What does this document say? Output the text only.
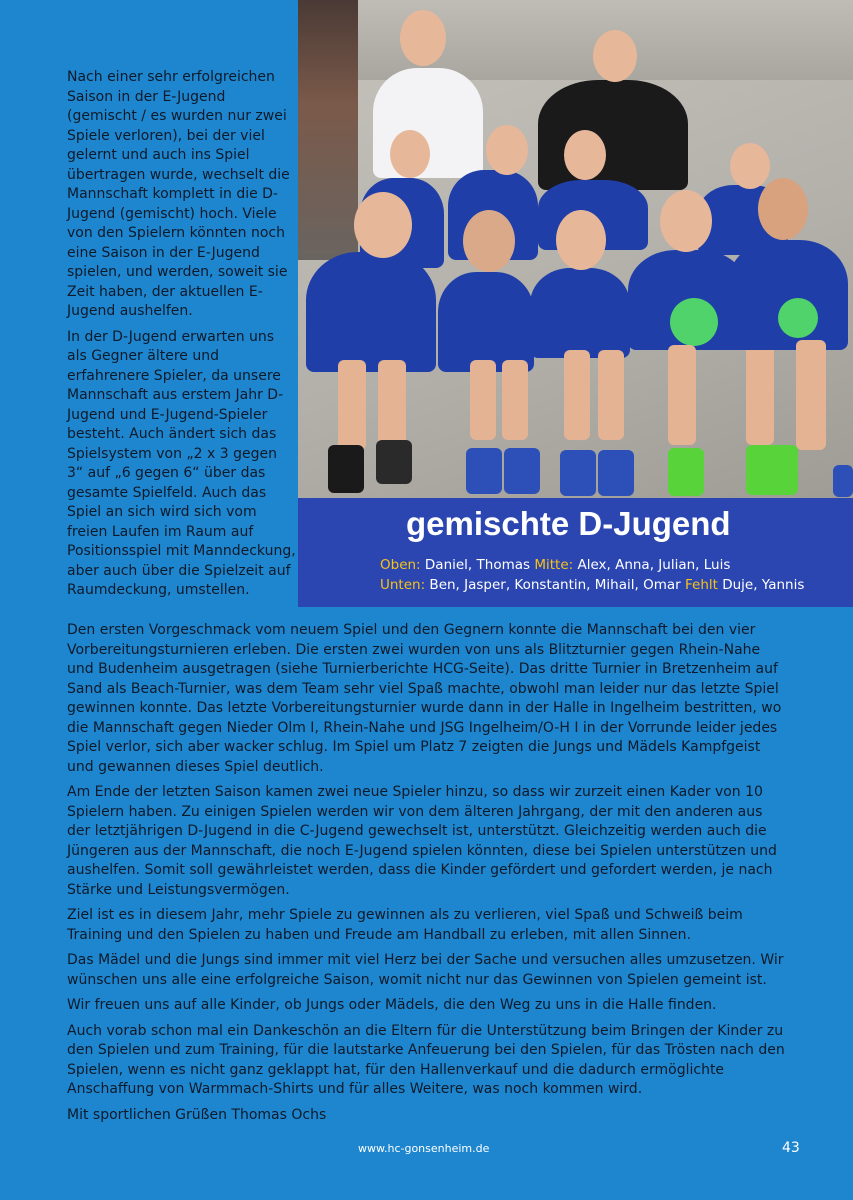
Nach einer sehr erfolgreichen Saison in der E-Jugend (gemischt / es wurden nur zwei Spiele verloren), bei der viel gelernt und auch ins Spiel übertragen wurde, wechselt die Mannschaft komplett in die D-Jugend (gemischt) hoch. Viele von den Spielern könnten noch eine Saison in der E-Jugend spielen, und werden, soweit sie Zeit haben, der aktuellen E-Jugend aushelfen.

In der D-Jugend erwarten uns als Gegner ältere und erfahrenere Spieler, da unsere Mannschaft aus erstem Jahr D-Jugend und E-Jugend-Spieler besteht. Auch ändert sich das Spielsystem von „2 x 3 gegen 3“ auf „6 gegen 6“ über das gesamte Spielfeld. Auch das Spiel an sich wird sich vom freien Laufen im Raum auf Positionsspiel mit Manndeckung, aber auch über die Spielzeit auf Raumdeckung, umstellen.

gemischte D-Jugend
Oben: Daniel, Thomas Mitte: Alex, Anna, Julian, Luis
Unten: Ben, Jasper, Konstantin, Mihail, Omar Fehlt Duje, Yannis

Den ersten Vorgeschmack vom neuem Spiel und den Gegnern konnte die Mannschaft bei den vier Vorbereitungsturnieren erleben. Die ersten zwei wurden von uns als Blitzturnier gegen Rhein-Nahe und Budenheim ausgetragen (siehe Turnierberichte HCG-Seite). Das dritte Turnier in Bretzenheim auf Sand als Beach-Turnier, was dem Team sehr viel Spaß machte, obwohl man leider nur das letzte Spiel gewinnen konnte. Das letzte Vorbereitungsturnier wurde dann in der Halle in Ingelheim bestritten, wo die Mannschaft gegen Nieder Olm I, Rhein-Nahe und JSG Ingelheim/O-H I in der Vorrunde leider jedes Spiel verlor, sich aber wacker schlug. Im Spiel um Platz 7 zeigten die Jungs und Mädels Kampfgeist und gewannen dieses Spiel deutlich.

Am Ende der letzten Saison kamen zwei neue Spieler hinzu, so dass wir zurzeit einen Kader von 10 Spielern haben. Zu einigen Spielen werden wir von dem älteren Jahrgang, der mit den anderen aus der letztjährigen D-Jugend in die C-Jugend gewechselt ist, unterstützt. Gleichzeitig werden auch die Jüngeren aus der Mannschaft, die noch E-Jugend spielen könnten, diese bei Spielen unterstützen und aushelfen. Somit soll gewährleistet werden, dass die Kinder gefördert und gefordert werden, je nach Stärke und Leistungsvermögen.

Ziel ist es in diesem Jahr, mehr Spiele zu gewinnen als zu verlieren, viel Spaß und Schweiß beim Training und den Spielen zu haben und Freude am Handball zu erleben, mit allen Sinnen.

Das Mädel und die Jungs sind immer mit viel Herz bei der Sache und versuchen alles umzusetzen. Wir wünschen uns alle eine erfolgreiche Saison, womit nicht nur das Gewinnen von Spielen gemeint ist.

Wir freuen uns auf alle Kinder, ob Jungs oder Mädels, die den Weg zu uns in die Halle finden.

Auch vorab schon mal ein Dankeschön an die Eltern für die Unterstützung beim Bringen der Kinder zu den Spielen und zum Training, für die lautstarke Anfeuerung bei den Spielen, für das Trösten nach den Spielen, wenn es nicht ganz geklappt hat, für den Hallenverkauf und die dadurch ermöglichte Anschaffung von Warmmach-Shirts und für alles Weitere, was noch kommen wird.

Mit sportlichen Grüßen Thomas Ochs

www.hc-gonsenheim.de	43
